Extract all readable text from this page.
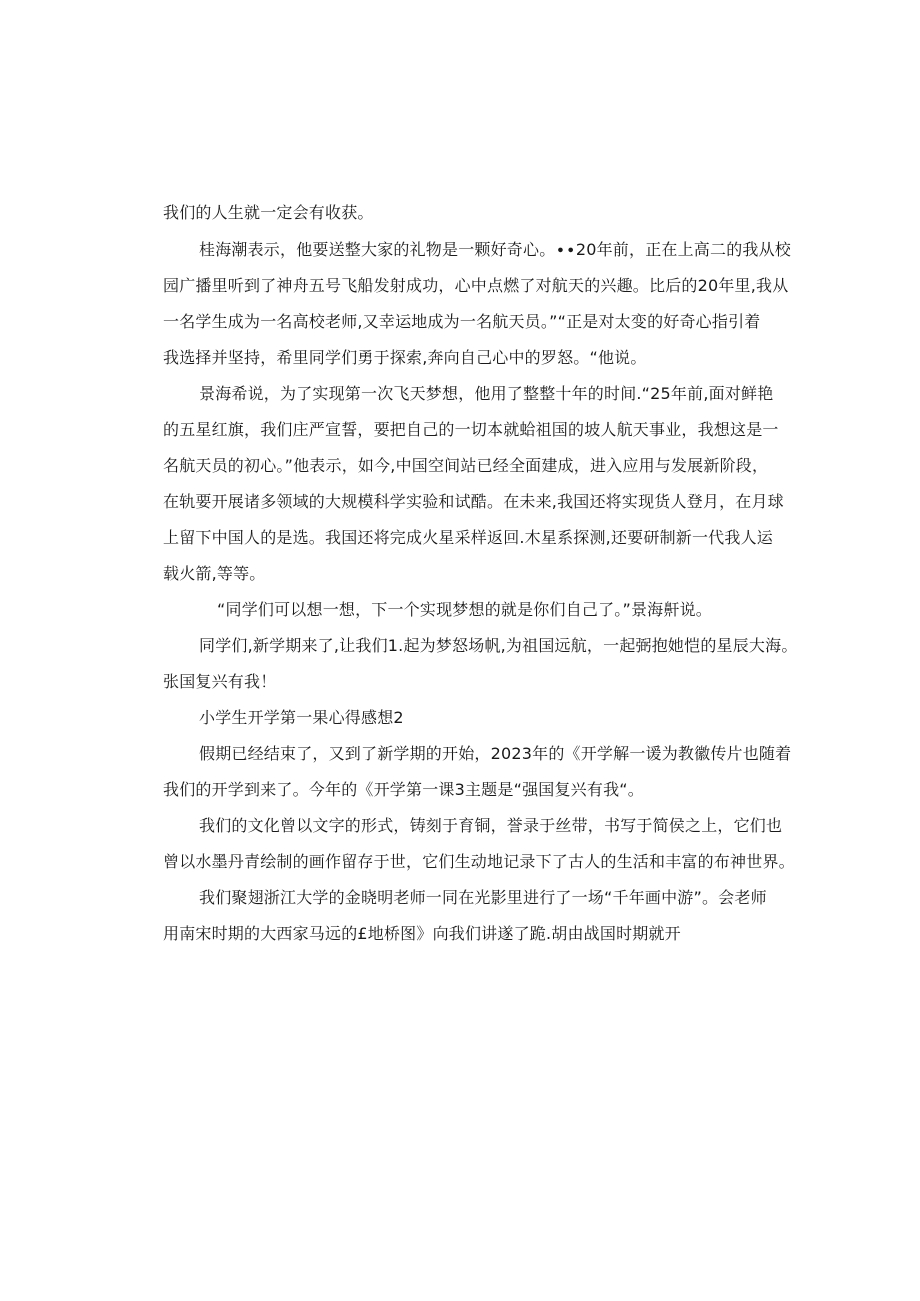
我们的人生就一定会有收获。
桂海潮表示，他要送整大家的礼物是一颗好奇心。∙∙20年前，正在上高二的我从校
园广播里听到了神舟五号飞船发射成功，心中点燃了对航天的兴趣。比后的20年里,我从
一名学生成为一名高校老师,又幸运地成为一名航天员。”“正是对太变的好奇心指引着
我选择并坚持，希里同学们勇于探索,奔向自己心中的罗怒。“他说。
景海希说，为了实现第一次飞天梦想，他用了整整十年的时间.“25年前,面对鲜艳
的五星红旗，我们庄严宣誓，要把自己的一切本就蛤祖国的坡人航天事业，我想这是一
名航天员的初心。”他表示，如今,中国空间站已经全面建成，进入应用与发展新阶段，
在轨要开展诸多领域的大规模科学实验和试酷。在未来,我国还将实现货人登月，在月球
上留下中国人的是选。我国还将完成火星采样返回.木星系探测,还要研制新一代我人运
载火箭,等等。
“同学们可以想一想，下一个实现梦想的就是你们自己了。”景海鼾说。
同学们,新学期来了,让我们1.起为梦怒场帆,为祖国远航，一起弼抱她恺的星辰大海。
张国复兴有我！
小学生开学第一果心得感想2
假期已经结束了，又到了新学期的开始，2023年的《开学解一谖为教徽传片也随着
我们的开学到来了。今年的《开学第一课3主题是“强国复兴有我“。
我们的文化曾以文字的形式，铸刻于育铜，誉录于丝带，书写于简侯之上，它们也
曾以水墨丹青绘制的画作留存于世，它们生动地记录下了古人的生活和丰富的布神世界。
我们聚翅浙江大学的金晓明老师一同在光影里进行了一场“千年画中游”。会老师
用南宋时期的大西家马远的£地桥图》向我们讲遂了跪.胡由战国时期就开
